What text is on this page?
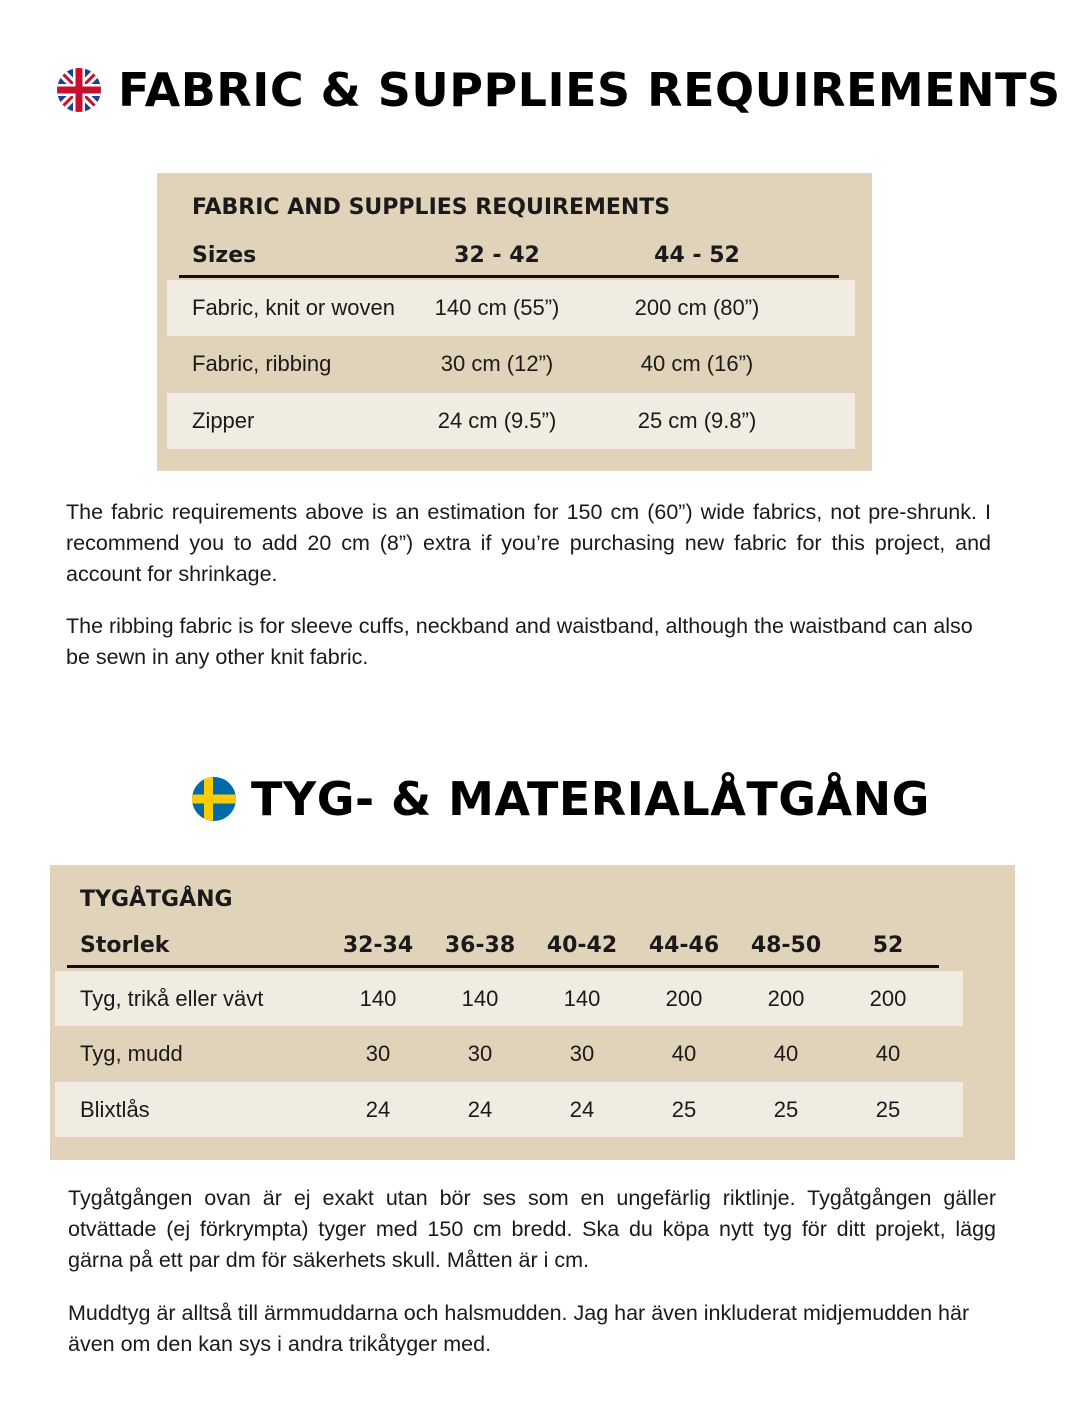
FABRIC & SUPPLIES REQUIREMENTS
FABRIC AND SUPPLIES REQUIREMENTS
Sizes	32 - 42	44 - 52
Fabric, knit or woven	140 cm (55”)	200 cm (80”)
Fabric, ribbing	30 cm (12”)	40 cm (16”)
Zipper	24 cm (9.5”)	25 cm (9.8”)

The fabric requirements above is an estimation for 150 cm (60”) wide fabrics, not pre-shrunk. I recommend you to add 20 cm (8”) extra if you’re purchasing new fabric for this project, and account for shrinkage.

The ribbing fabric is for sleeve cuffs, neckband and waistband, although the waistband can also be sewn in any other knit fabric.

TYG- & MATERIALÅTGÅNG
TYGÅTGÅNG
Storlek	32-34	36-38	40-42	44-46	48-50	52
Tyg, trikå eller vävt	140	140	140	200	200	200
Tyg, mudd	30	30	30	40	40	40
Blixtlås	24	24	24	25	25	25

Tygåtgången ovan är ej exakt utan bör ses som en ungefärlig riktlinje. Tygåtgången gäller otvättade (ej förkrympta) tyger med 150 cm bredd. Ska du köpa nytt tyg för ditt projekt, lägg gärna på ett par dm för säkerhets skull. Måtten är i cm.

Muddtyg är alltså till ärmmuddarna och halsmudden. Jag har även inkluderat midjemudden här även om den kan sys i andra trikåtyger med.
